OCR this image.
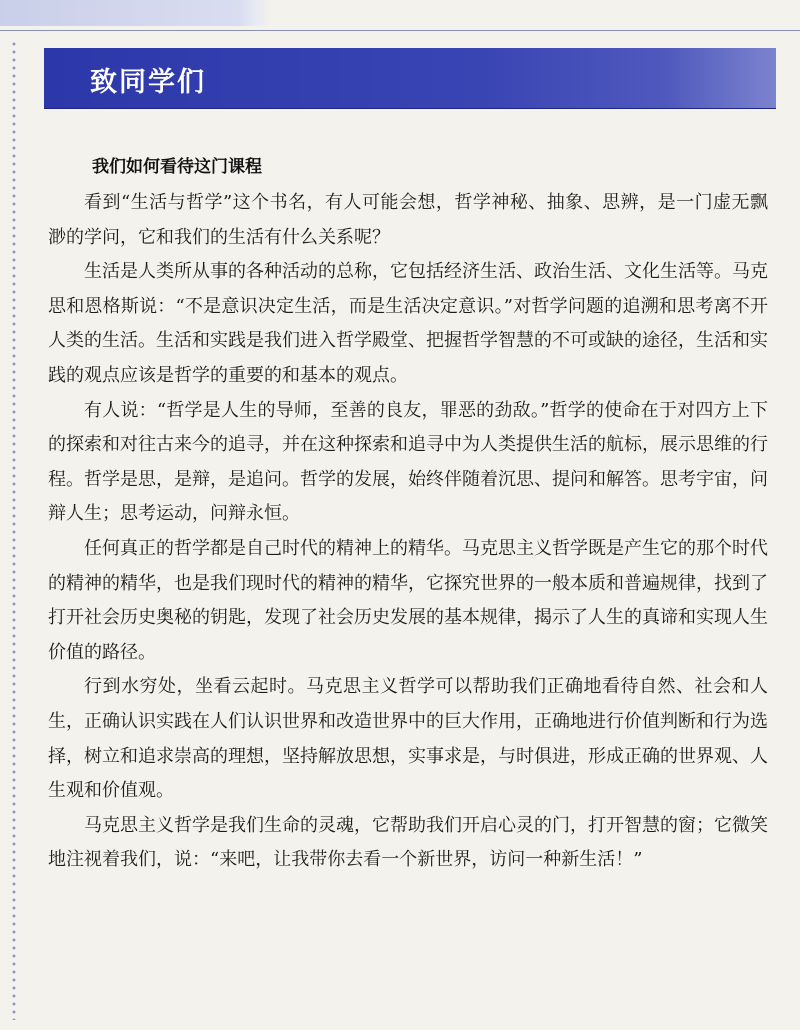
致同学们
我们如何看待这门课程

看到“生活与哲学”这个书名，有人可能会想，哲学神秘、抽象、思辨，是一门虚无飘渺的学问，它和我们的生活有什么关系呢？

生活是人类所从事的各种活动的总称，它包括经济生活、政治生活、文化生活等。马克思和恩格斯说：“不是意识决定生活，而是生活决定意识。”对哲学问题的追溯和思考离不开人类的生活。生活和实践是我们进入哲学殿堂、把握哲学智慧的不可或缺的途径，生活和实践的观点应该是哲学的重要的和基本的观点。

有人说：“哲学是人生的导师，至善的良友，罪恶的劲敌。”哲学的使命在于对四方上下的探索和对往古来今的追寻，并在这种探索和追寻中为人类提供生活的航标，展示思维的行程。哲学是思，是辩，是追问。哲学的发展，始终伴随着沉思、提问和解答。思考宇宙，问辩人生；思考运动，问辩永恒。

任何真正的哲学都是自己时代的精神上的精华。马克思主义哲学既是产生它的那个时代的精神的精华，也是我们现时代的精神的精华，它探究世界的一般本质和普遍规律，找到了打开社会历史奥秘的钥匙，发现了社会历史发展的基本规律，揭示了人生的真谛和实现人生价值的路径。

行到水穷处，坐看云起时。马克思主义哲学可以帮助我们正确地看待自然、社会和人生，正确认识实践在人们认识世界和改造世界中的巨大作用，正确地进行价值判断和行为选择，树立和追求崇高的理想，坚持解放思想，实事求是，与时俱进，形成正确的世界观、人生观和价值观。

马克思主义哲学是我们生命的灵魂，它帮助我们开启心灵的门，打开智慧的窗；它微笑地注视着我们，说：“来吧，让我带你去看一个新世界，访问一种新生活！”
